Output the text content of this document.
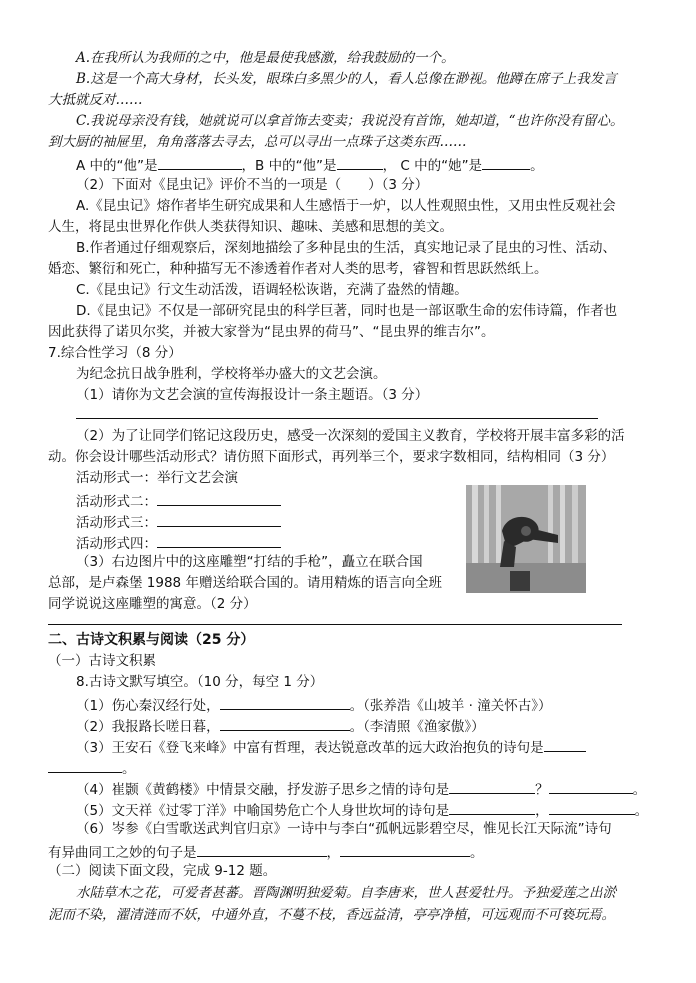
A.在我所认为我师的之中，他是最使我感激，给我鼓励的一个。
B.这是一个高大身材，长头发，眼珠白多黑少的人，看人总像在渺视。他蹲在席子上我发言
大抵就反对……
C.我说母亲没有钱，她就说可以拿首饰去变卖；我说没有首饰，她却道，“也许你没有留心。
到大厨的袖屉里，角角落落去寻去，总可以寻出一点珠子这类东西……
A 中的“他”是	，B 中的“他”是	， C 中的“她”是	。
（2）下面对《昆虫记》评价不当的一项是（　　）（3 分）
A.《昆虫记》熔作者毕生研究成果和人生感悟于一炉，以人性观照虫性，又用虫性反观社会
人生，将昆虫世界化作供人类获得知识、趣味、美感和思想的美文。
B.作者通过仔细观察后，深刻地描绘了多种昆虫的生活，真实地记录了昆虫的习性、活动、
婚恋、繁衍和死亡，种种描写无不渗透着作者对人类的思考，睿智和哲思跃然纸上。
C.《昆虫记》行文生动活泼，语调轻松诙谐，充满了盎然的情趣。
D.《昆虫记》不仅是一部研究昆虫的科学巨著，同时也是一部讴歌生命的宏伟诗篇，作者也
因此获得了诺贝尔奖，并被大家誉为“昆虫界的荷马”、“昆虫界的维吉尔”。
7.综合性学习（8 分）
为纪念抗日战争胜利，学校将举办盛大的文艺会演。
（1）请你为文艺会演的宣传海报设计一条主题语。（3 分）
（2）为了让同学们铭记这段历史，感受一次深刻的爱国主义教育，学校将开展丰富多彩的活
动。你会设计哪些活动形式？请仿照下面形式，再列举三个，要求字数相同，结构相同（3 分）
活动形式一：举行文艺会演
活动形式二：
活动形式三：
活动形式四：
（3）右边图片中的这座雕塑“打结的手枪”，矗立在联合国
总部，是卢森堡 1988 年赠送给联合国的。请用精炼的语言向全班
同学说说这座雕塑的寓意。（2 分）
二、古诗文积累与阅读（25 分）
（一）古诗文积累
8.古诗文默写填空。（10 分，每空 1 分）
（1）伤心秦汉经行处，	。（张养浩《山坡羊 · 潼关怀古》）
（2）我报路长嗟日暮，	。（李清照《渔家傲》）
（3）王安石《登飞来峰》中富有哲理，表达锐意改革的远大政治抱负的诗句是
。
（4）崔颢《黄鹤楼》中情景交融，抒发游子思乡之情的诗句是	？	。
（5）文天祥《过零丁洋》中喻国势危亡个人身世坎坷的诗句是	，	。
（6）岑参《白雪歌送武判官归京》一诗中与李白“孤帆远影碧空尽，惟见长江天际流”诗句
有异曲同工之妙的句子是	，	。
（二）阅读下面文段，完成 9-12 题。
水陆草木之花，可爱者甚蕃。晋陶渊明独爱菊。自李唐来，世人甚爱牡丹。予独爱莲之出淤
泥而不染，濯清涟而不妖，中通外直，不蔓不枝，香远益清，亭亭净植，可远观而不可亵玩焉。
